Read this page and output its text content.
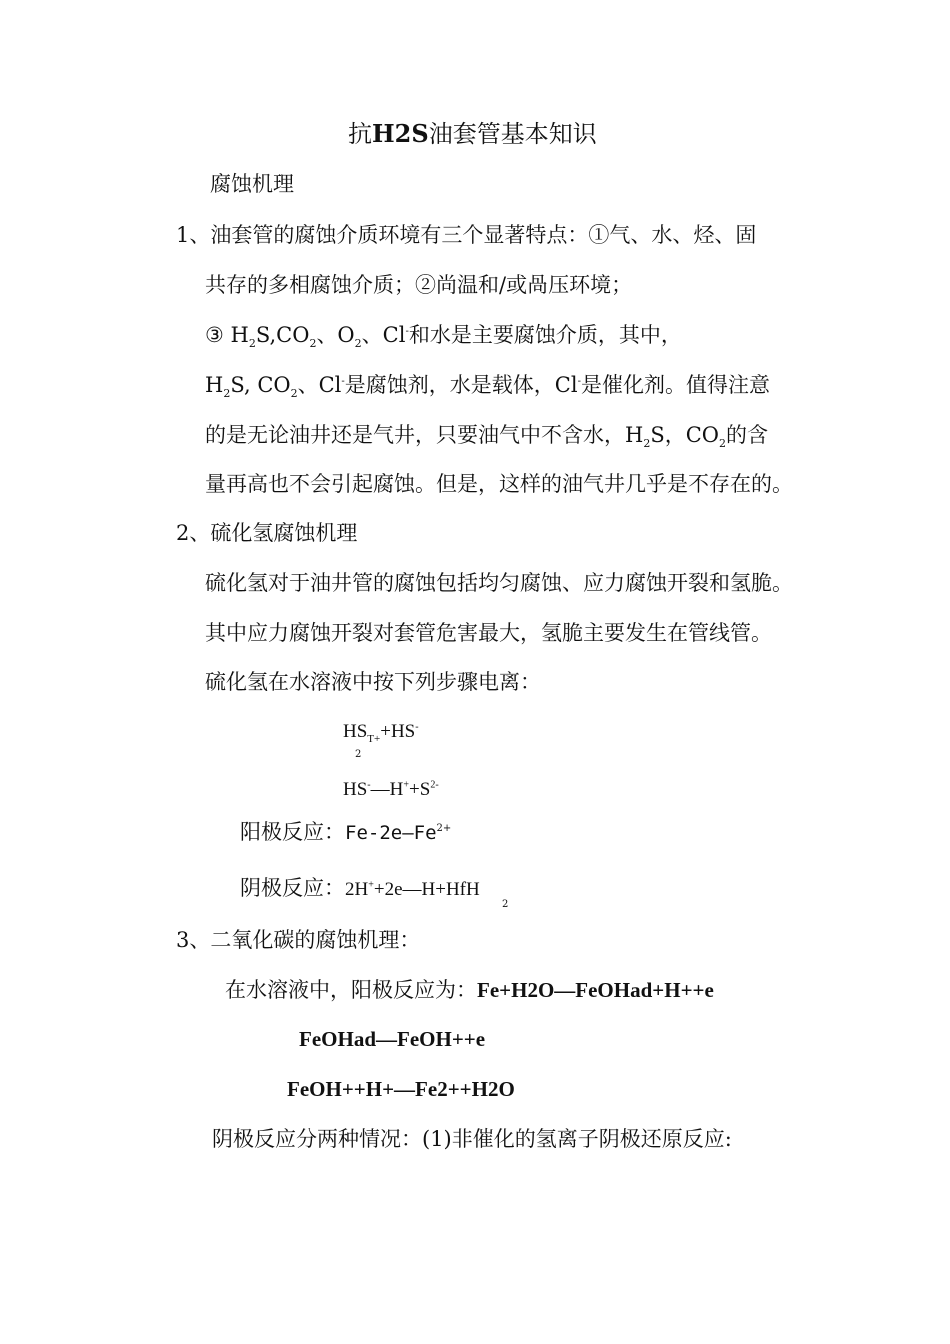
抗H2S油套管基本知识
腐蚀机理
1、油套管的腐蚀介质环境有三个显著特点：①气、水、烃、固
共存的多相腐蚀介质；②尚温和/或咼压环境；
③ $H_2S,CO_2$、$O_2$、Cl-和水是主要腐蚀介质，其中，
$H_2S$, $CO_2$、Cl-是腐蚀剂，水是载体，Cl-是催化剂。值得注意
的是无论油井还是气井，只要油气中不含水，$H_2S$，$CO_2$的含
量再高也不会引起腐蚀。但是，这样的油气井几乎是不存在的。
2、硫化氢腐蚀机理
硫化氢对于油井管的腐蚀包括均匀腐蚀、应力腐蚀开裂和氢脆。
其中应力腐蚀开裂对套管危害最大，氢脆主要发生在管线管。
硫化氢在水溶液中按下列步骤电离：
$HS_{T+}+HS^-$
2
$HS^-—H^++S^{2-}$
阳极反应：$Fe-2e—Fe^{2+}$
阴极反应：2H++2e—H+HfH
2
3、二氧化碳的腐蚀机理：
在水溶液中，阳极反应为：Fe+H2O—FeOHad+H++e
FeOHad—FeOH++e
FeOH++H+—Fe2++H2O
阴极反应分两种情况：(1)非催化的氢离子阴极还原反应:
